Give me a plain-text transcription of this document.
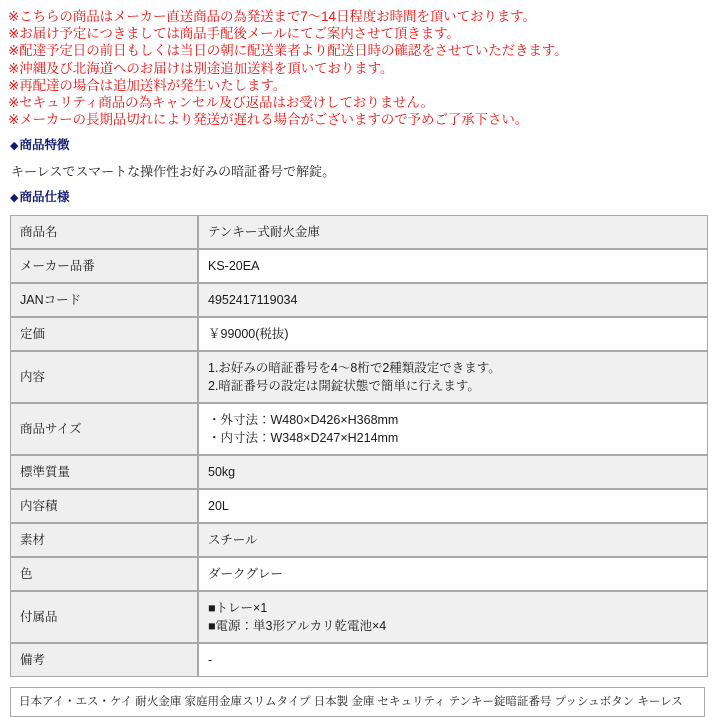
※こちらの商品はメーカー直送商品の為発送まで7～14日程度お時間を頂いております。
※お届け予定につきましては商品手配後メールにてご案内させて頂きます。
※配達予定日の前日もしくは当日の朝に配送業者より配送日時の確認をさせていただきます。
※沖縄及び北海道へのお届けは別途追加送料を頂いております。
※再配達の場合は追加送料が発生いたします。
※セキュリティ商品の為キャンセル及び返品はお受けしておりません。
※メーカーの長期品切れにより発送が遅れる場合がございますので予めご了承下さい。
◆商品特徴
キーレスでスマートな操作性お好みの暗証番号で解錠。
◆商品仕様
商品名	テンキー式耐火金庫

メーカー品番	KS-20EA

JANコード	4952417119034

定価	￥99000(税抜)

内容	1.お好みの暗証番号を4～8桁で2種類設定できます。
2.暗証番号の設定は開錠状態で簡単に行えます。

商品サイズ	・外寸法：W480×D426×H368mm
・内寸法：W348×D247×H214mm

標準質量	50kg

内容積	20L

素材	スチール

色	ダークグレー

付属品	■トレー×1
■電源：単3形アルカリ乾電池×4

備考	-
日本アイ・エス・ケイ 耐火金庫 家庭用金庫スリムタイプ 日本製 金庫 セキュリティ テンキー錠暗証番号 プッシュボタン キーレス
